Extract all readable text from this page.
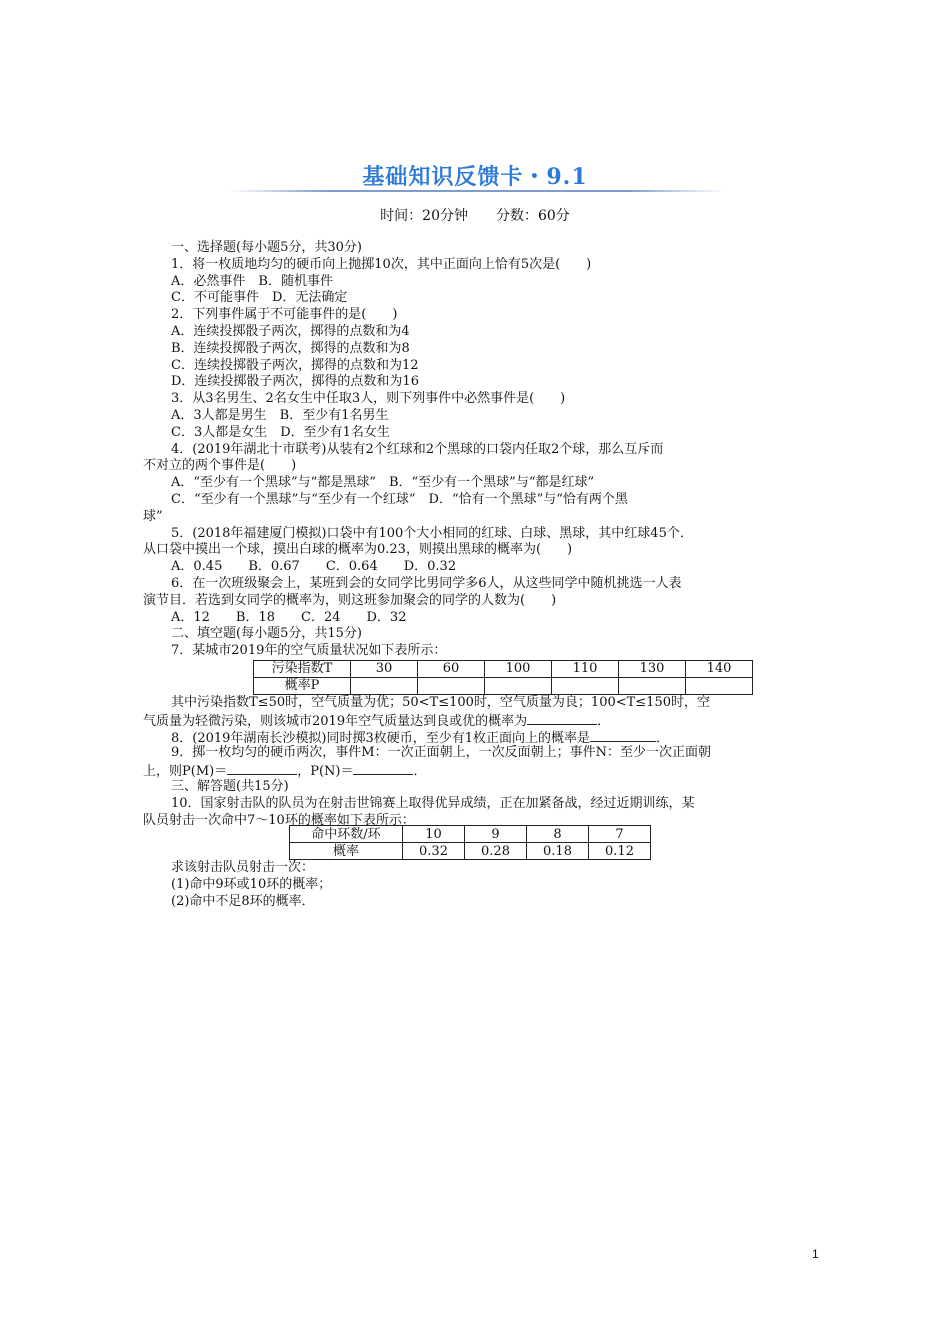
基础知识反馈卡・9.1
时间：20分钟　　分数：60分
一、选择题(每小题5分，共30分)
1．将一枚质地均匀的硬币向上抛掷10次，其中正面向上恰有5次是(　　)
A．必然事件　B．随机事件
C．不可能事件　D．无法确定
2．下列事件属于不可能事件的是(　　)
A．连续投掷骰子两次，掷得的点数和为4
B．连续投掷骰子两次，掷得的点数和为8
C．连续投掷骰子两次，掷得的点数和为12
D．连续投掷骰子两次，掷得的点数和为16
3．从3名男生、2名女生中任取3人，则下列事件中必然事件是(　　)
A．3人都是男生　B．至少有1名男生
C．3人都是女生　D．至少有1名女生
4．(2019年湖北十市联考)从装有2个红球和2个黑球的口袋内任取2个球，那么互斥而
不对立的两个事件是(　　)
A．“至少有一个黑球”与“都是黑球”　B．“至少有一个黑球”与“都是红球”
C．“至少有一个黑球”与“至少有一个红球”　D．“恰有一个黑球”与“恰有两个黑
球”
5．(2018年福建厦门模拟)口袋中有100个大小相同的红球、白球、黑球，其中红球45个．
从口袋中摸出一个球，摸出白球的概率为0.23，则摸出黑球的概率为(　　)
A．0.45　　B．0.67　　C．0.64　　D．0.32
6．在一次班级聚会上，某班到会的女同学比男同学多6人，从这些同学中随机挑选一人表
演节目．若选到女同学的概率为，则这班参加聚会的同学的人数为(　　)
A．12　　B．18　　C．24　　D．32
二、填空题(每小题5分，共15分)
7．某城市2019年的空气质量状况如下表所示：
污染指数T	30	60	100	110	130	140
概率P						
其中污染指数T≤50时，空气质量为优；50<T≤100时，空气质量为良；100<T≤150时，空
气质量为轻微污染，则该城市2019年空气质量达到良或优的概率为	．
8．(2019年湖南长沙模拟)同时掷3枚硬币，至少有1枚正面向上的概率是	．
9．掷一枚均匀的硬币两次，事件M：一次正面朝上，一次反面朝上；事件N：至少一次正面朝
上，则P(M)＝	，P(N)＝	．
三、解答题(共15分)
10．国家射击队的队员为在射击世锦赛上取得优异成绩，正在加紧备战，经过近期训练，某
队员射击一次命中7～10环的概率如下表所示：
命中环数/环	10	9	8	7
概率	0.32	0.28	0.18	0.12
求该射击队员射击一次：
(1)命中9环或10环的概率；
(2)命中不足8环的概率．
1
